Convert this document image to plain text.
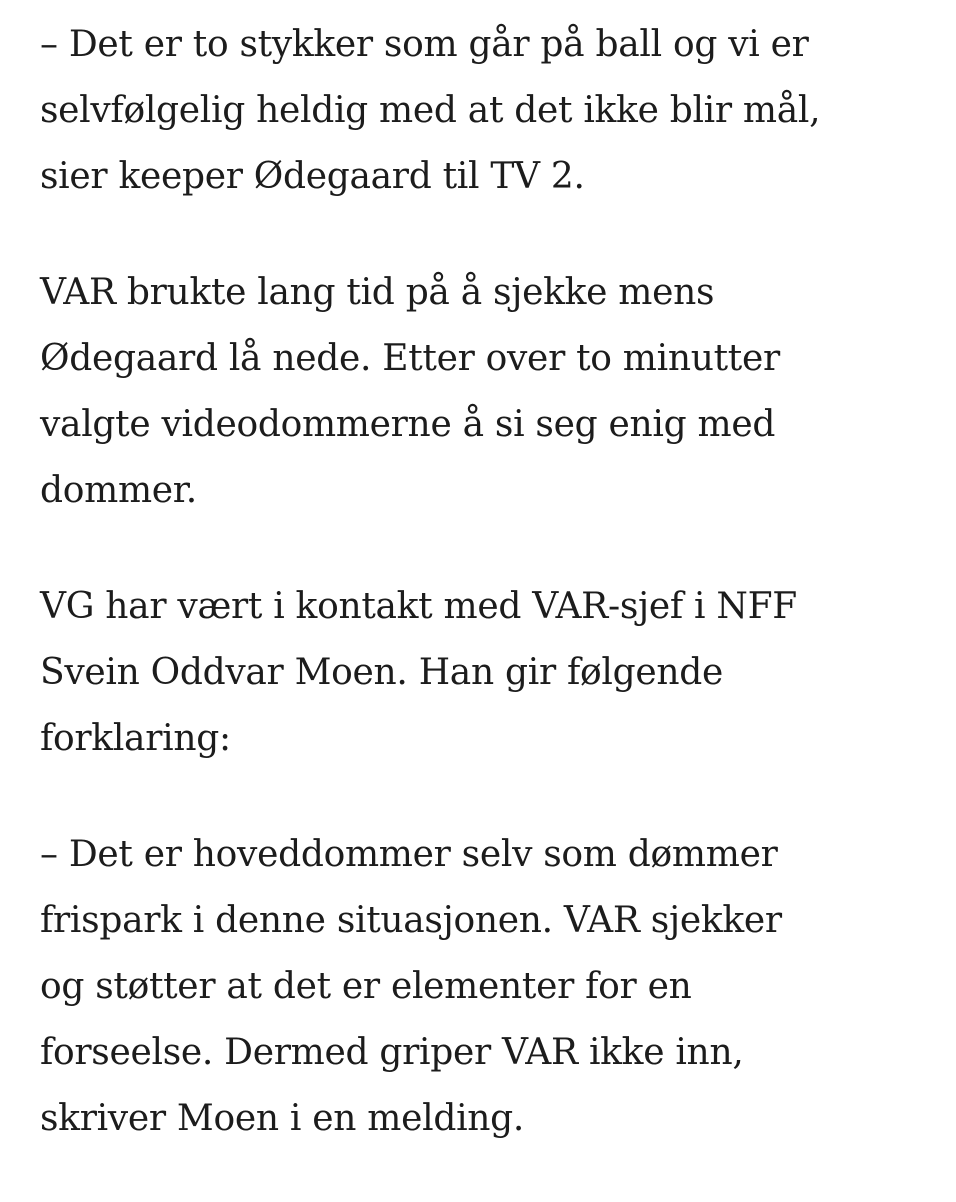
– Det er to stykker som går på ball og vi er
selvfølgelig heldig med at det ikke blir mål,
sier keeper Ødegaard til TV 2.

VAR brukte lang tid på å sjekke mens
Ødegaard lå nede. Etter over to minutter
valgte videodommerne å si seg enig med
dommer.

VG har vært i kontakt med VAR-sjef i NFF
Svein Oddvar Moen. Han gir følgende
forklaring:

– Det er hoveddommer selv som dømmer
frispark i denne situasjonen. VAR sjekker
og støtter at det er elementer for en
forseelse. Dermed griper VAR ikke inn,
skriver Moen i en melding.
